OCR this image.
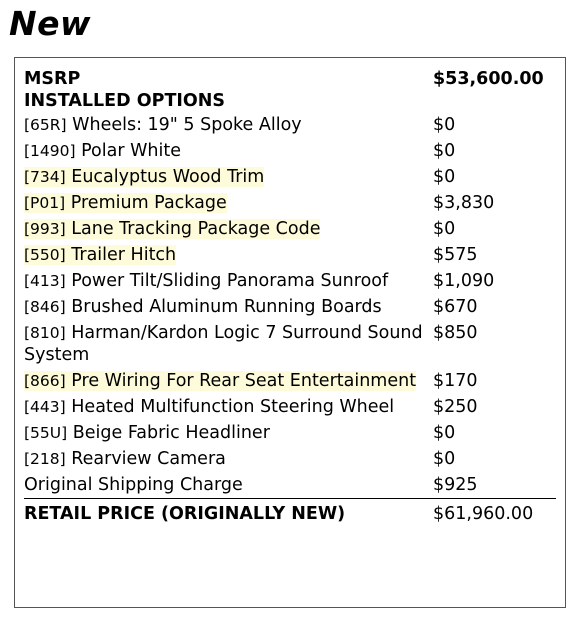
New
MSRP	$53,600.00
INSTALLED OPTIONS	
[65R] Wheels: 19" 5 Spoke Alloy	$0
[1490] Polar White	$0
[734] Eucalyptus Wood Trim	$0
[P01] Premium Package	$3,830
[993] Lane Tracking Package Code	$0
[550] Trailer Hitch	$575
[413] Power Tilt/Sliding Panorama Sunroof	$1,090
[846] Brushed Aluminum Running Boards	$670
[810] Harman/Kardon Logic 7 Surround Sound System	$850
[866] Pre Wiring For Rear Seat Entertainment	$170
[443] Heated Multifunction Steering Wheel	$250
[55U] Beige Fabric Headliner	$0
[218] Rearview Camera	$0
Original Shipping Charge	$925
RETAIL PRICE (ORIGINALLY NEW)	$61,960.00
